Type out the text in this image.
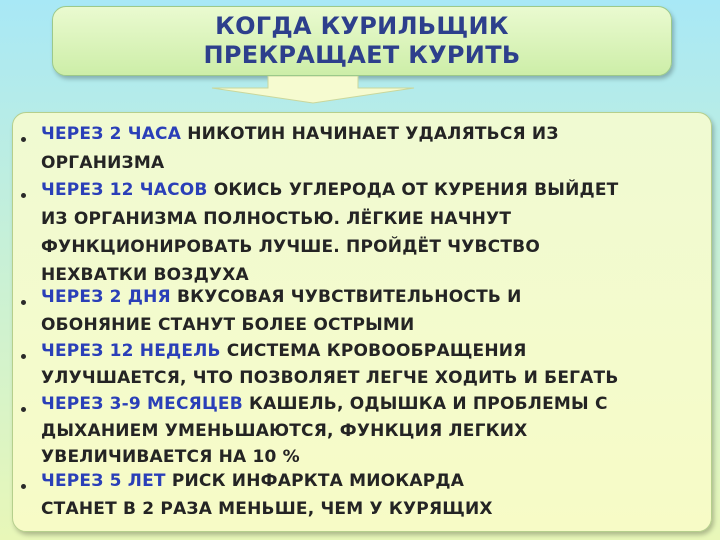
КОГДА КУРИЛЬЩИК
ПРЕКРАЩАЕТ КУРИТЬ
ЧЕРЕЗ 2 ЧАСА НИКОТИН НАЧИНАЕТ УДАЛЯТЬСЯ ИЗ
ОРГАНИЗМА
ЧЕРЕЗ 12 ЧАСОВ ОКИСЬ УГЛЕРОДА ОТ КУРЕНИЯ ВЫЙДЕТ
ИЗ ОРГАНИЗМА ПОЛНОСТЬЮ. ЛЁГКИЕ НАЧНУТ
ФУНКЦИОНИРОВАТЬ ЛУЧШЕ. ПРОЙДЁТ ЧУВСТВО
НЕХВАТКИ ВОЗДУХА
ЧЕРЕЗ 2 ДНЯ ВКУСОВАЯ ЧУВСТВИТЕЛЬНОСТЬ И
ОБОНЯНИЕ СТАНУТ БОЛЕЕ ОСТРЫМИ
ЧЕРЕЗ 12 НЕДЕЛЬ СИСТЕМА КРОВООБРАЩЕНИЯ
УЛУЧШАЕТСЯ, ЧТО ПОЗВОЛЯЕТ ЛЕГЧЕ ХОДИТЬ И БЕГАТЬ
ЧЕРЕЗ 3-9 МЕСЯЦЕВ КАШЕЛЬ, ОДЫШКА И ПРОБЛЕМЫ С
ДЫХАНИЕМ УМЕНЬШАЮТСЯ, ФУНКЦИЯ ЛЕГКИХ
УВЕЛИЧИВАЕТСЯ НА 10 %
ЧЕРЕЗ 5 ЛЕТ РИСК ИНФАРКТА МИОКАРДА
СТАНЕТ В 2 РАЗА МЕНЬШЕ, ЧЕМ У КУРЯЩИХ
